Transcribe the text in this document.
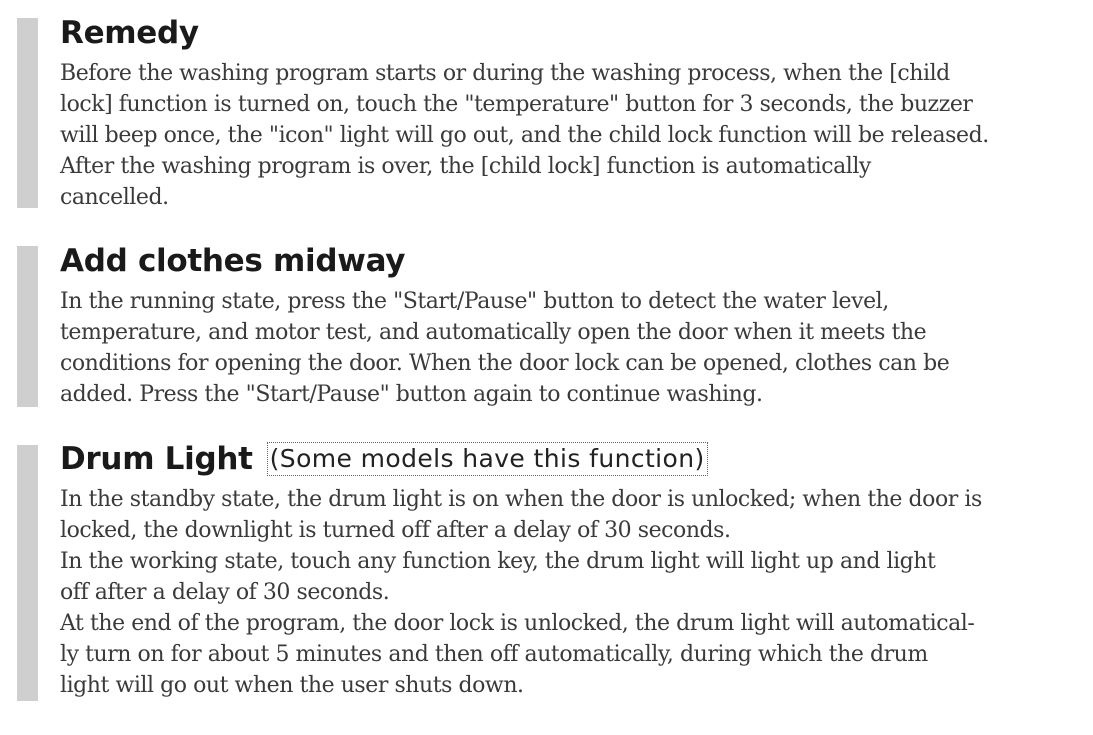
Remedy

Before the washing program starts or during the washing process, when the [child
lock] function is turned on, touch the "temperature" button for 3 seconds, the buzzer
will beep once, the "icon" light will go out, and the child lock function will be released.
After the washing program is over, the [child lock] function is automatically
cancelled.

Add clothes midway

In the running state, press the "Start/Pause" button to detect the water level,
temperature, and motor test, and automatically open the door when it meets the
conditions for opening the door. When the door lock can be opened, clothes can be
added. Press the "Start/Pause" button again to continue washing.

Drum Light (Some models have this function)

In the standby state, the drum light is on when the door is unlocked; when the door is
locked, the downlight is turned off after a delay of 30 seconds.
In the working state, touch any function key, the drum light will light up and light
off after a delay of 30 seconds.
At the end of the program, the door lock is unlocked, the drum light will automatical-
ly turn on for about 5 minutes and then off automatically, during which the drum
light will go out when the user shuts down.
